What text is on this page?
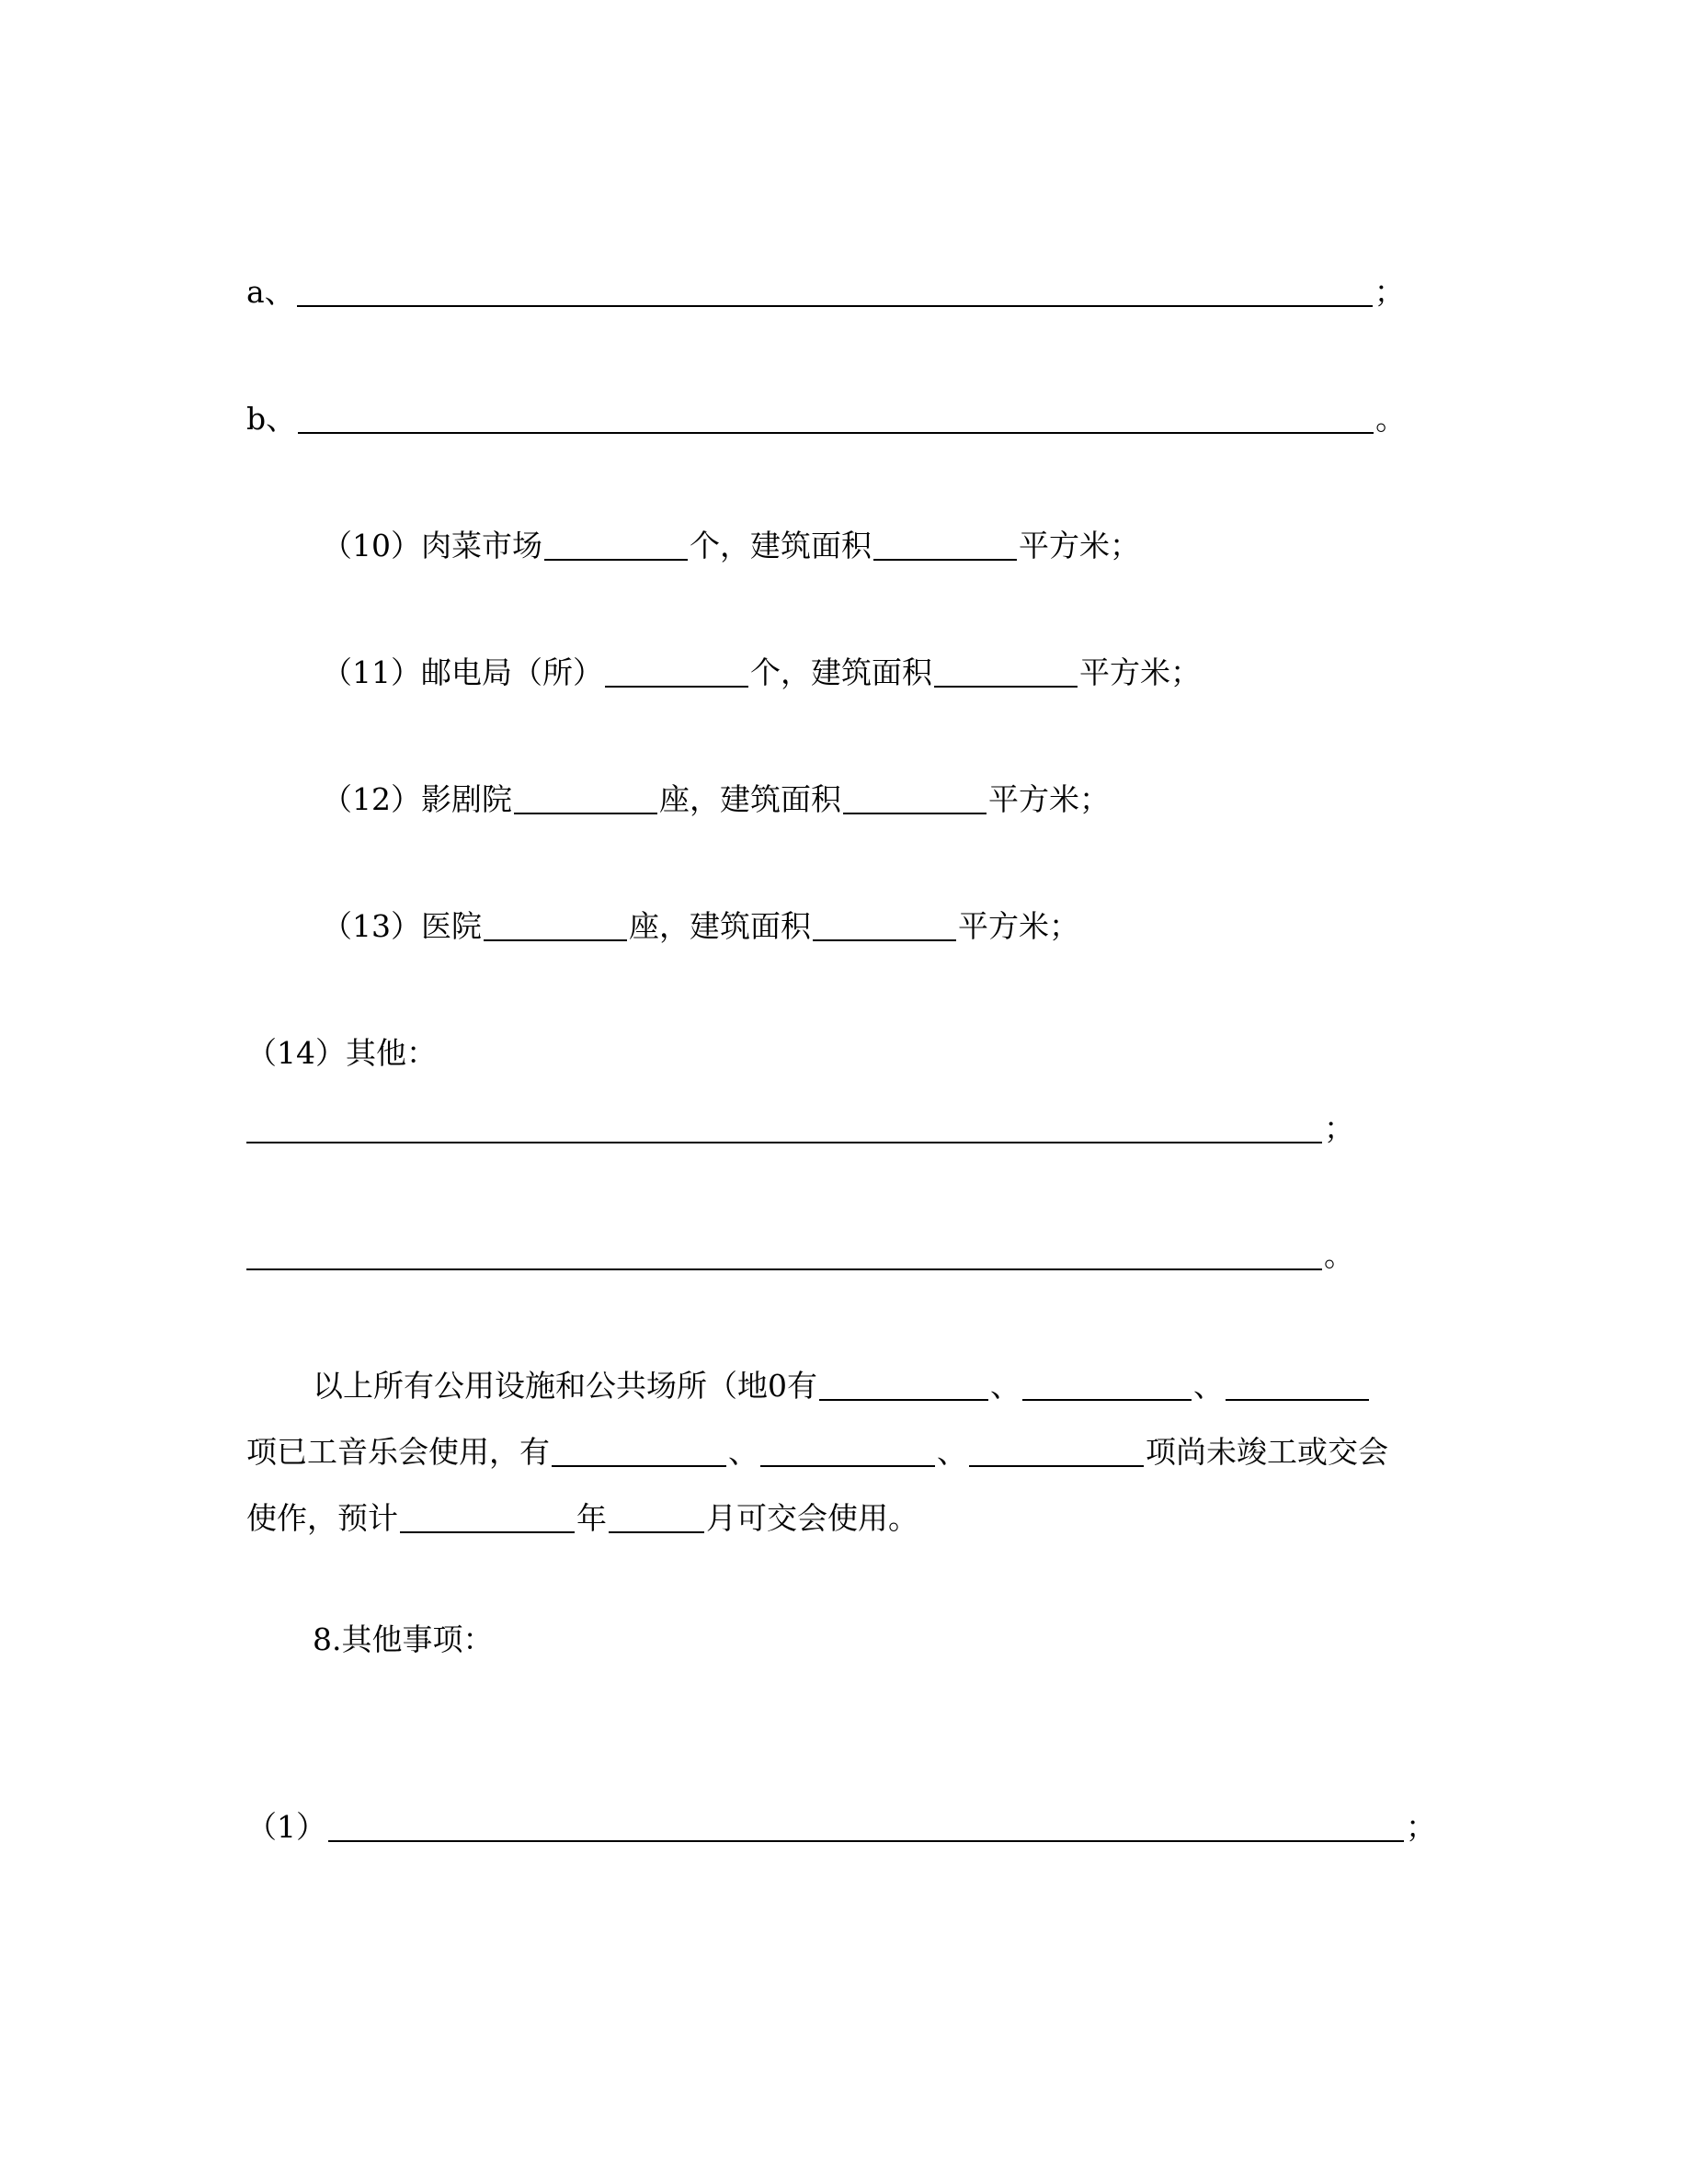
a、	；
b、	。
（10）肉菜市场	个，建筑面积	平方米；
（11）邮电局（所）	个，建筑面积	平方米；
（12）影剧院	座，建筑面积	平方米；
（13）医院	座，建筑面积	平方米；
（14）其他：
；
。
以上所有公用设施和公共场所（地0有	、	、
项已工音乐会使用，有	、	、	项尚未竣工或交会
使作，预计	年	月可交会使用。
8.其他事项：
（1）	；
